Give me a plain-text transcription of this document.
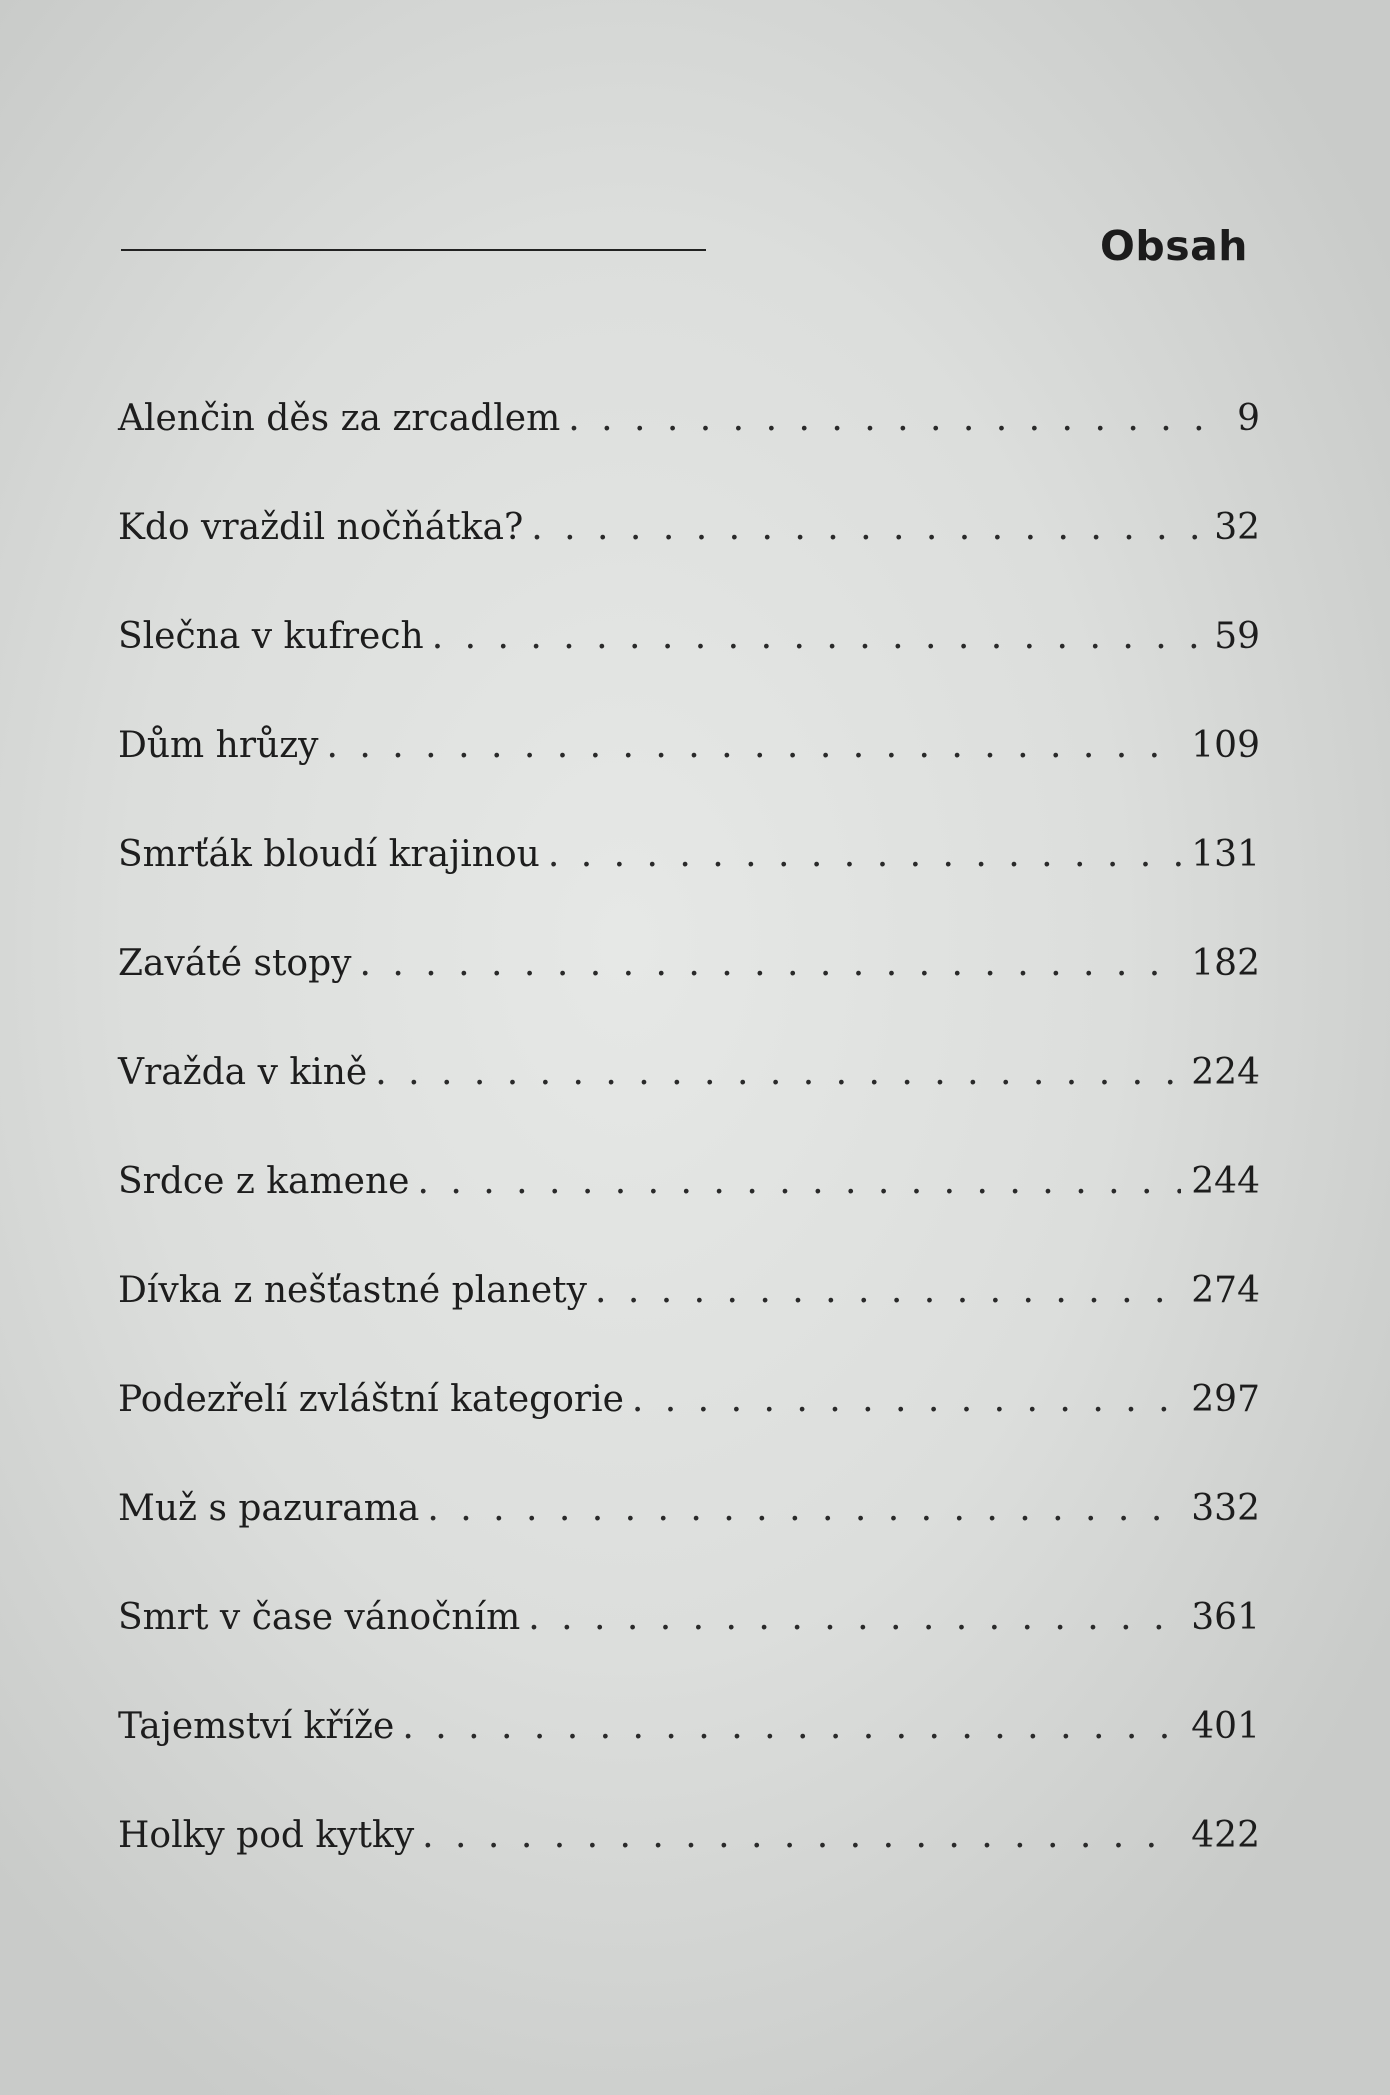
Obsah
Alenčin děs za zrcadlem . . .	9
Kdo vraždil nočňátka? . . .	32
Slečna v kufrech . . .	59
Dům hrůzy . . .	109
Smrťák bloudí krajinou . . .	131
Zaváté stopy . . .	182
Vražda v kině . . .	224
Srdce z kamene . . .	244
Dívka z nešťastné planety . . .	274
Podezřelí zvláštní kategorie . . .	297
Muž s pazurama . . .	332
Smrt v čase vánočním . . .	361
Tajemství kříže . . .	401
Holky pod kytky . . .	422
